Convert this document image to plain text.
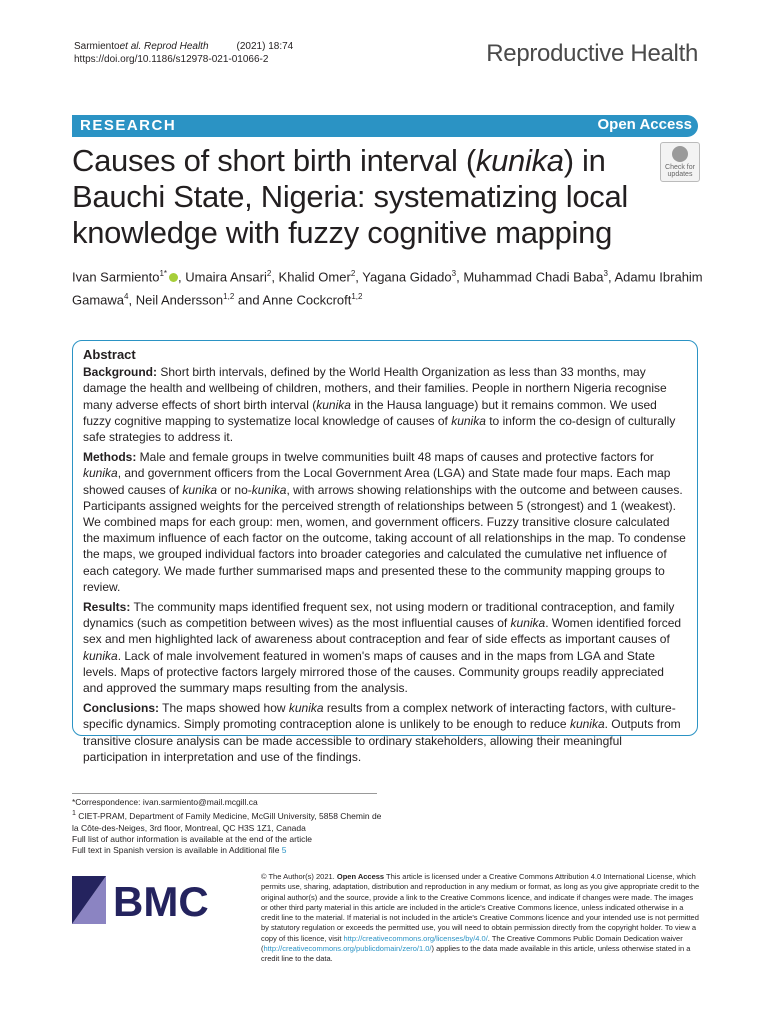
Sarmiento et al. Reprod Health	(2021) 18:74
https://doi.org/10.1186/s12978-021-01066-2	Reproductive Health
RESEARCH	Open Access
Check for
updates
Causes of short birth interval (kunika) in Bauchi State, Nigeria: systematizing local knowledge with fuzzy cognitive mapping
Ivan Sarmiento$^{1*}$ , Umaira Ansari$^2$, Khalid Omer$^2$, Yagana Gidado$^3$, Muhammad Chadi Baba$^3$, Adamu Ibrahim Gamawa$^4$, Neil Andersson$^{1,2}$ and Anne Cockcroft$^{1,2}$
Abstract

Background: Short birth intervals, defined by the World Health Organization as less than 33 months, may damage the health and wellbeing of children, mothers, and their families. People in northern Nigeria recognise many adverse effects of short birth interval (kunika in the Hausa language) but it remains common. We used fuzzy cognitive mapping to systematize local knowledge of causes of kunika to inform the co-design of culturally safe strategies to address it.

Methods: Male and female groups in twelve communities built 48 maps of causes and protective factors for kunika, and government officers from the Local Government Area (LGA) and State made four maps. Each map showed causes of kunika or no-kunika, with arrows showing relationships with the outcome and between causes. Participants assigned weights for the perceived strength of relationships between 5 (strongest) and 1 (weakest). We combined maps for each group: men, women, and government officers. Fuzzy transitive closure calculated the maximum influence of each factor on the outcome, taking account of all relationships in the map. To condense the maps, we grouped individual factors into broader categories and calculated the cumulative net influence of each category. We made further summarised maps and presented these to the community mapping groups to review.

Results: The community maps identified frequent sex, not using modern or traditional contraception, and family dynamics (such as competition between wives) as the most influential causes of kunika. Women identified forced sex and men highlighted lack of awareness about contraception and fear of side effects as important causes of kunika. Lack of male involvement featured in women's maps of causes and in the maps from LGA and State levels. Maps of protective factors largely mirrored those of the causes. Community groups readily appreciated and approved the summary maps resulting from the analysis.

Conclusions: The maps showed how kunika results from a complex network of interacting factors, with culture-specific dynamics. Simply promoting contraception alone is unlikely to be enough to reduce kunika. Outputs from transitive closure analysis can be made accessible to ordinary stakeholders, allowing their meaningful participation in interpretation and use of the findings.

*Correspondence: ivan.sarmiento@mail.mcgill.ca
$^1$ CIET-PRAM, Department of Family Medicine, McGill University, 5858 Chemin de la Côte-des-Neiges, 3rd floor, Montreal, QC H3S 1Z1, Canada
Full list of author information is available at the end of the article
Full text in Spanish version is available in Additional file 5
BMC
© The Author(s) 2021. Open Access This article is licensed under a Creative Commons Attribution 4.0 International License, which permits use, sharing, adaptation, distribution and reproduction in any medium or format, as long as you give appropriate credit to the original author(s) and the source, provide a link to the Creative Commons licence, and indicate if changes were made. The images or other third party material in this article are included in the article's Creative Commons licence, unless indicated otherwise in a credit line to the material. If material is not included in the article's Creative Commons licence and your intended use is not permitted by statutory regulation or exceeds the permitted use, you will need to obtain permission directly from the copyright holder. To view a copy of this licence, visit http://creativecommons.org/licenses/by/4.0/. The Creative Commons Public Domain Dedication waiver (http://creativecommons.org/publicdomain/zero/1.0/) applies to the data made available in this article, unless otherwise stated in a credit line to the data.
